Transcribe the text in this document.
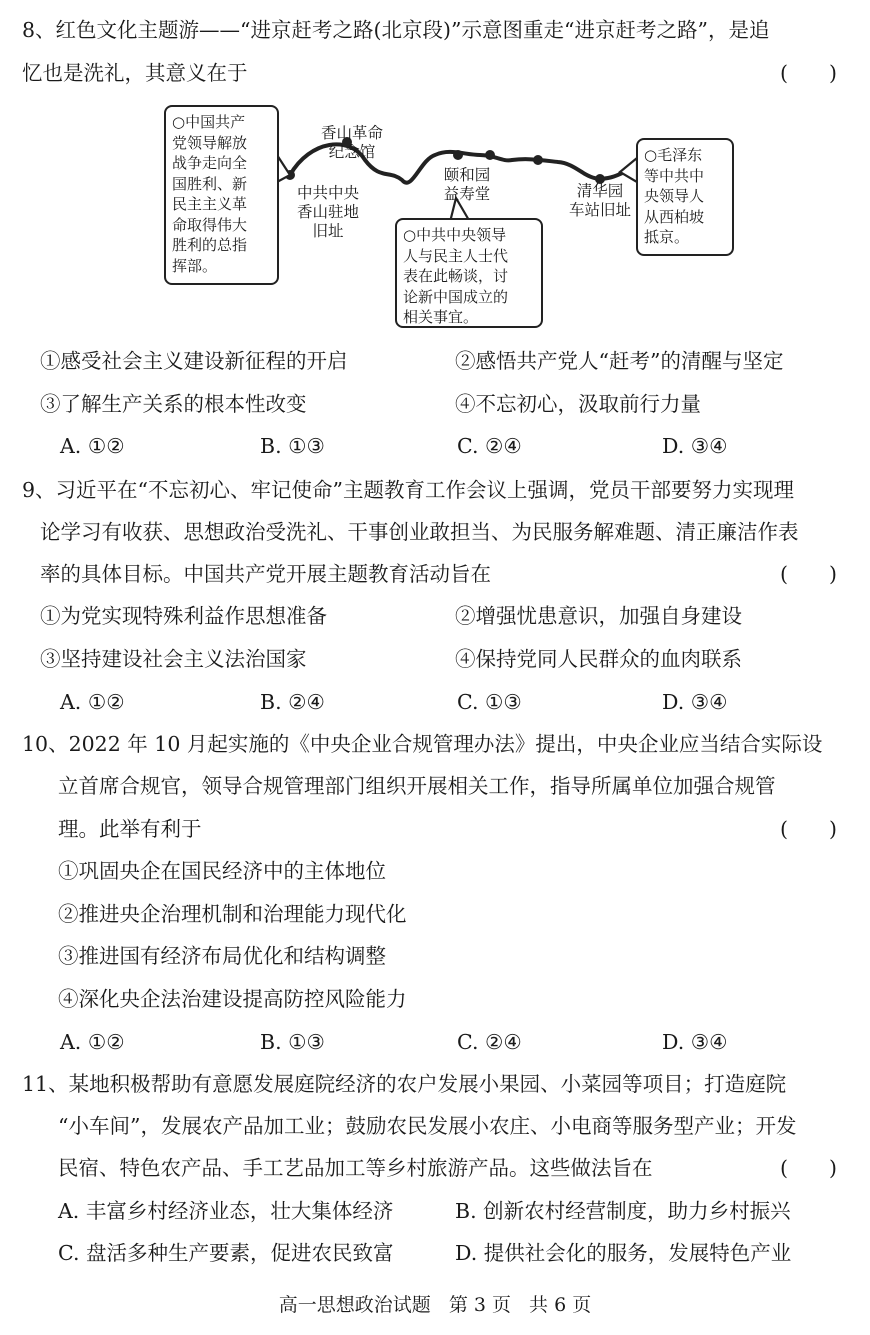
8、红色文化主题游——“进京赶考之路(北京段)”示意图重走“进京赶考之路”，是追
忆也是洗礼，其意义在于	(　　)
○中国共产
党领导解放
战争走向全
国胜利、新
民主主义革
命取得伟大
胜利的总指
挥部。
香山革命
纪念馆
中共中央
香山驻地
旧址
颐和园
益寿堂	清华园
车站旧址
○中共中央领导
人与民主人士代
表在此畅谈，讨
论新中国成立的
相关事宜。
○毛泽东
等中共中
央领导人
从西柏坡
抵京。
①感受社会主义建设新征程的开启	②感悟共产党人“赶考”的清醒与坚定
③了解生产关系的根本性改变	④不忘初心，汲取前行力量
A. ①②	B. ①③	C. ②④	D. ③④
9、习近平在“不忘初心、牢记使命”主题教育工作会议上强调，党员干部要努力实现理
论学习有收获、思想政治受洗礼、干事创业敢担当、为民服务解难题、清正廉洁作表
率的具体目标。中国共产党开展主题教育活动旨在	(　　)
①为党实现特殊利益作思想准备	②增强忧患意识，加强自身建设
③坚持建设社会主义法治国家	④保持党同人民群众的血肉联系
A. ①②	B. ②④	C. ①③	D. ③④
10、2022 年 10 月起实施的《中央企业合规管理办法》提出，中央企业应当结合实际设
立首席合规官，领导合规管理部门组织开展相关工作，指导所属单位加强合规管
理。此举有利于	(　　)
①巩固央企在国民经济中的主体地位
②推进央企治理机制和治理能力现代化
③推进国有经济布局优化和结构调整
④深化央企法治建设提高防控风险能力
A. ①②	B. ①③	C. ②④	D. ③④
11、某地积极帮助有意愿发展庭院经济的农户发展小果园、小菜园等项目；打造庭院
“小车间”，发展农产品加工业；鼓励农民发展小农庄、小电商等服务型产业；开发
民宿、特色农产品、手工艺品加工等乡村旅游产品。这些做法旨在	(　　)
A. 丰富乡村经济业态，壮大集体经济	B. 创新农村经营制度，助力乡村振兴
C. 盘活多种生产要素，促进农民致富	D. 提供社会化的服务，发展特色产业
高一思想政治试题 第 3 页 共 6 页
